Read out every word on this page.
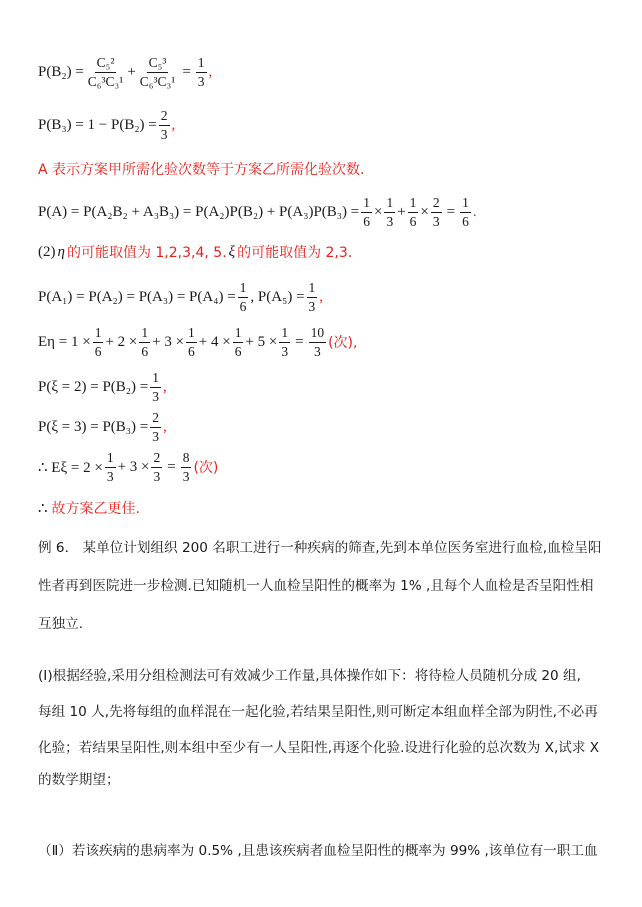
$P(B_2) = \frac{\text{C₅²}}{\text{C₆³C₃¹}} + \frac{\text{C₅³}}{\text{C₆³C₃¹}} = \frac{1}{3}$ ,
$P(B_3) = 1 - P(B_2) = \frac{2}{3}$ ,
A 表示方案甲所需化验次数等于方案乙所需化验次数.
$P(A) = P(A_2B_2 + A_3B_3) = P(A_2)P(B_2) + P(A_3)P(B_3) = \frac{1}{6} \times \frac{1}{3} + \frac{1}{6} \times \frac{2}{3} = \frac{1}{6}$ .
(2) η 的可能取值为 1,2,3,4, 5. ξ 的可能取值为 2,3.
$P(A_1) = P(A_2) = P(A_3) = P(A_4) = \frac{1}{6}$ , $P(A_5) = \frac{1}{3}$ ,
$E\eta = 1 \times \frac{1}{6} + 2 \times \frac{1}{6} + 3 \times \frac{1}{6} + 4 \times \frac{1}{6} + 5 \times \frac{1}{3} = \frac{10}{3}$ (次),
$P(\xi = 2) = P(B_2) = \frac{1}{3}$ ,
$P(\xi = 3) = P(B_3) = \frac{2}{3}$ ,
∴ $E\xi = 2 \times \frac{1}{3} + 3 \times \frac{2}{3} = \frac{8}{3}$ (次)
∴ 故方案乙更佳.
例 6． 某单位计划组织 200 名职工进行一种疾病的筛查,先到本单位医务室进行血检,血检呈阳
性者再到医院进一步检测.已知随机一人血检呈阳性的概率为 1% ,且每个人血检是否呈阳性相
互独立.
(I)根据经验,采用分组检测法可有效减少工作量,具体操作如下：将待检人员随机分成 20 组,
每组 10 人,先将每组的血样混在一起化验,若结果呈阳性,则可断定本组血样全部为阴性,不必再
化验；若结果呈阳性,则本组中至少有一人呈阳性,再逐个化验.设进行化验的总次数为 X,试求 X
的数学期望；
（Ⅱ）若该疾病的患病率为 0.5% ,且患该疾病者血检呈阳性的概率为 99% ,该单位有一职工血
